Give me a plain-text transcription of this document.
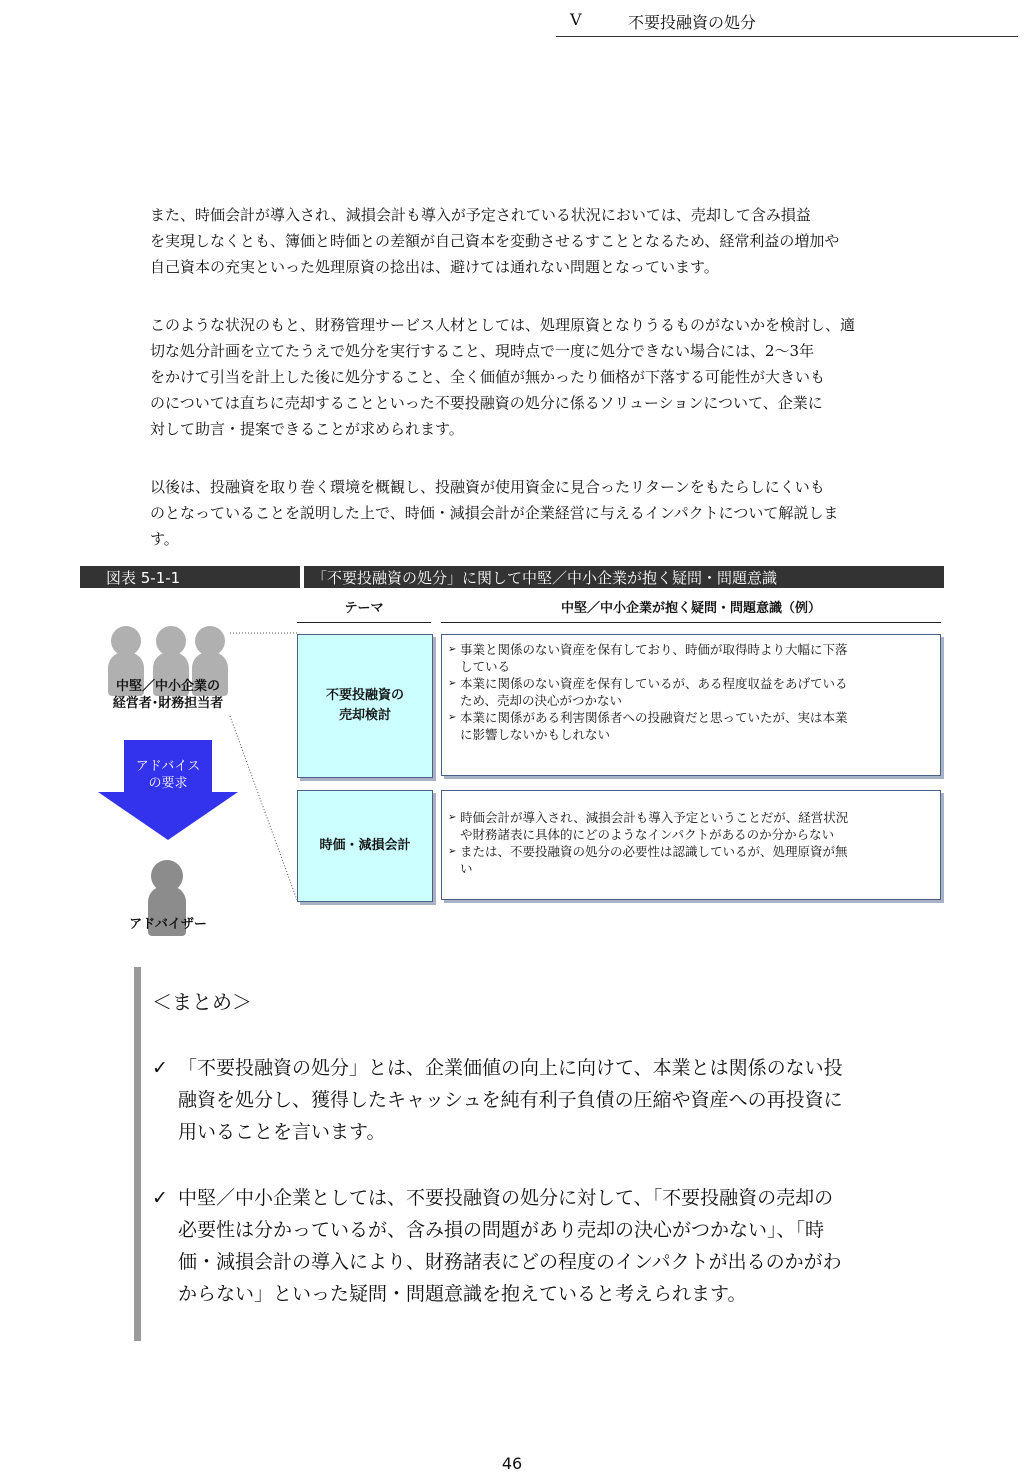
Ⅴ	不要投融資の処分

また、時価会計が導入され、減損会計も導入が予定されている状況においては、売却して含み損益
を実現しなくとも、簿価と時価との差額が自己資本を変動させるすこととなるため、経常利益の増加や
自己資本の充実といった処理原資の捻出は、避けては通れない問題となっています。

このような状況のもと、財務管理サービス人材としては、処理原資となりうるものがないかを検討し、適
切な処分計画を立てたうえで処分を実行すること、現時点で一度に処分できない場合には、2〜3年
をかけて引当を計上した後に処分すること、全く価値が無かったり価格が下落する可能性が大きいも
のについては直ちに売却することといった不要投融資の処分に係るソリューションについて、企業に
対して助言・提案できることが求められます。

以後は、投融資を取り巻く環境を概観し、投融資が使用資金に見合ったリターンをもたらしにくいも
のとなっていることを説明した上で、時価・減損会計が企業経営に与えるインパクトについて解説しま
す。

図表 5-1-1	「不要投融資の処分」に関して中堅／中小企業が抱く疑問・問題意識
テーマ	中堅／中小企業が抱く疑問・問題意識（例）
中堅／中小企業の
経営者･財務担当者
アドバイス
の要求
アドバイザー
不要投融資の
売却検討

➢ 事業と関係のない資産を保有しており、時価が取得時より大幅に下落
している

➢ 本業に関係のない資産を保有しているが、ある程度収益をあげている
ため、売却の決心がつかない

➢ 本業に関係がある利害関係者への投融資だと思っていたが、実は本業
に影響しないかもしれない

時価・減損会計

➢ 時価会計が導入され、減損会計も導入予定ということだが、経営状況
や財務諸表に具体的にどのようなインパクトがあるのか分からない

➢ または、不要投融資の処分の必要性は認識しているが、処理原資が無
い

＜まとめ＞
✓ 「不要投融資の処分」とは、企業価値の向上に向けて、本業とは関係のない投
融資を処分し、獲得したキャッシュを純有利子負債の圧縮や資産への再投資に
用いることを言います。
✓ 中堅／中小企業としては、不要投融資の処分に対して、「不要投融資の売却の
必要性は分かっているが、含み損の問題があり売却の決心がつかない」、「時
価・減損会計の導入により、財務諸表にどの程度のインパクトが出るのかがわ
からない」といった疑問・問題意識を抱えていると考えられます。
46
